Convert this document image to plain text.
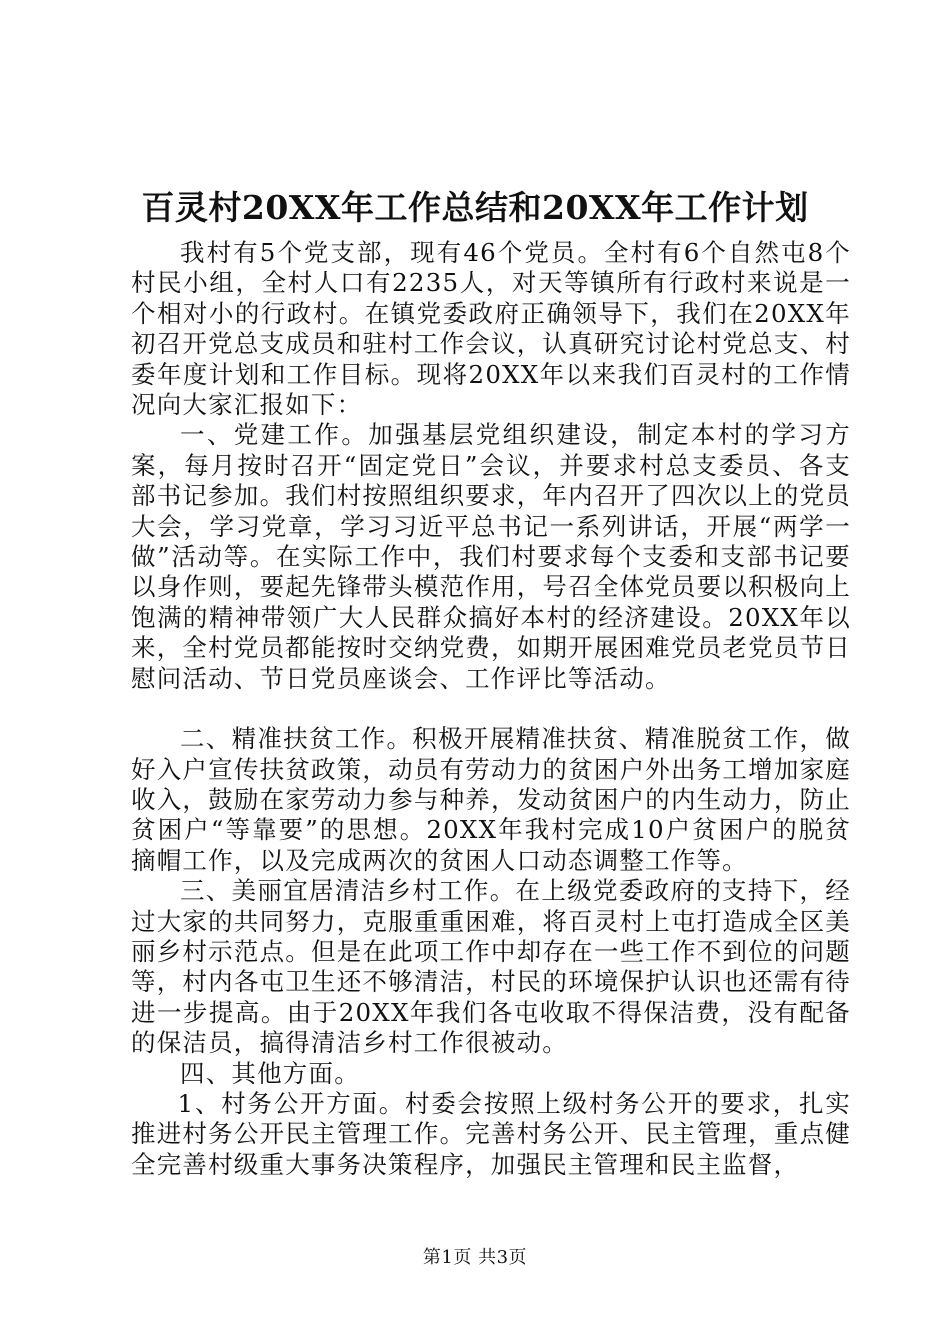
百灵村20XX年工作总结和20XX年工作计划

我村有5个党支部，现有46个党员。全村有6个自然屯8个村民小组，全村人口有2235人，对天等镇所有行政村来说是一个相对小的行政村。在镇党委政府正确领导下，我们在20XX年初召开党总支成员和驻村工作会议，认真研究讨论村党总支、村委年度计划和工作目标。现将20XX年以来我们百灵村的工作情况向大家汇报如下：

一、党建工作。加强基层党组织建设，制定本村的学习方案，每月按时召开“固定党日”会议，并要求村总支委员、各支部书记参加。我们村按照组织要求，年内召开了四次以上的党员大会，学习党章，学习习近平总书记一系列讲话，开展“两学一做”活动等。在实际工作中，我们村要求每个支委和支部书记要以身作则，要起先锋带头模范作用，号召全体党员要以积极向上饱满的精神带领广大人民群众搞好本村的经济建设。20XX年以来，全村党员都能按时交纳党费，如期开展困难党员老党员节日慰问活动、节日党员座谈会、工作评比等活动。

二、精准扶贫工作。积极开展精准扶贫、精准脱贫工作，做好入户宣传扶贫政策，动员有劳动力的贫困户外出务工增加家庭收入，鼓励在家劳动力参与种养，发动贫困户的内生动力，防止贫困户“等靠要”的思想。20XX年我村完成10户贫困户的脱贫摘帽工作，以及完成两次的贫困人口动态调整工作等。

三、美丽宜居清洁乡村工作。在上级党委政府的支持下，经过大家的共同努力，克服重重困难，将百灵村上屯打造成全区美丽乡村示范点。但是在此项工作中却存在一些工作不到位的问题等，村内各屯卫生还不够清洁，村民的环境保护认识也还需有待进一步提高。由于20XX年我们各屯收取不得保洁费，没有配备的保洁员，搞得清洁乡村工作很被动。

四、其他方面。

1、村务公开方面。村委会按照上级村务公开的要求，扎实推进村务公开民主管理工作。完善村务公开、民主管理，重点健全完善村级重大事务决策程序，加强民主管理和民主监督，

第1页 共3页
